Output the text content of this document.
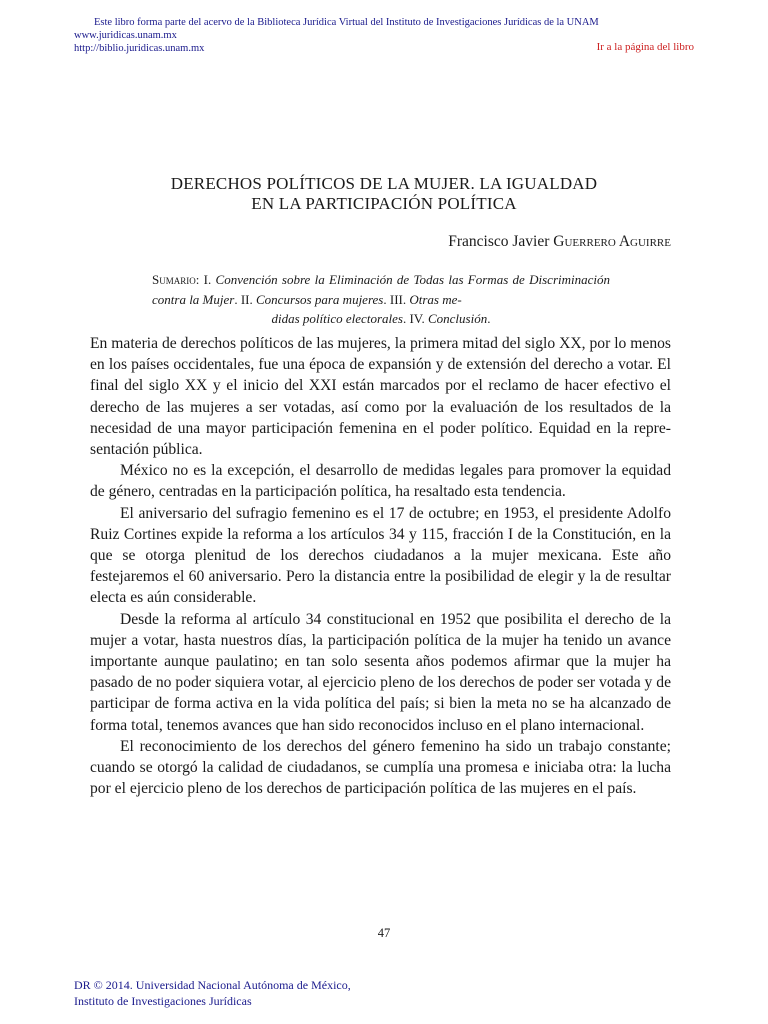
Este libro forma parte del acervo de la Biblioteca Jurídica Virtual del Instituto de Investigaciones Jurídicas de la UNAM
www.juridicas.unam.mx
http://biblio.juridicas.unam.mx	Ir a la página del libro
DERECHOS POLÍTICOS DE LA MUJER. LA IGUALDAD
EN LA PARTICIPACIÓN POLÍTICA
Francisco Javier Guerrero Aguirre
Sumario: I. Convención sobre la Eliminación de Todas las Formas de Discriminación contra la Mujer. II. Concursos para mujeres. III. Otras me-
didas político electorales. IV. Conclusión.

En materia de derechos políticos de las mujeres, la primera mitad del siglo XX, por lo menos en los países occidentales, fue una época de expansión y de extensión del derecho a votar. El final del siglo XX y el inicio del XXI están marcados por el reclamo de hacer efectivo el derecho de las mujeres a ser votadas, así como por la evaluación de los resultados de la necesidad de una mayor participación femenina en el poder político. Equidad en la representación pública.

México no es la excepción, el desarrollo de medidas legales para promover la equidad de género, centradas en la participación política, ha resaltado esta tendencia.

El aniversario del sufragio femenino es el 17 de octubre; en 1953, el presidente Adolfo Ruiz Cortines expide la reforma a los artículos 34 y 115, fracción I de la Constitución, en la que se otorga plenitud de los derechos ciudadanos a la mujer mexicana. Este año festejaremos el 60 aniversario. Pero la distancia entre la posibilidad de elegir y la de resultar electa es aún considerable.

Desde la reforma al artículo 34 constitucional en 1952 que posibilita el derecho de la mujer a votar, hasta nuestros días, la participación política de la mujer ha tenido un avance importante aunque paulatino; en tan solo sesenta años podemos afirmar que la mujer ha pasado de no poder siquiera votar, al ejercicio pleno de los derechos de poder ser votada y de participar de forma activa en la vida política del país; si bien la meta no se ha alcanzado de forma total, tenemos avances que han sido reconocidos incluso en el plano internacional.

El reconocimiento de los derechos del género femenino ha sido un trabajo constante; cuando se otorgó la calidad de ciudadanos, se cumplía una promesa e iniciaba otra: la lucha por el ejercicio pleno de los derechos de participación política de las mujeres en el país.

47
DR © 2014. Universidad Nacional Autónoma de México,
Instituto de Investigaciones Jurídicas
